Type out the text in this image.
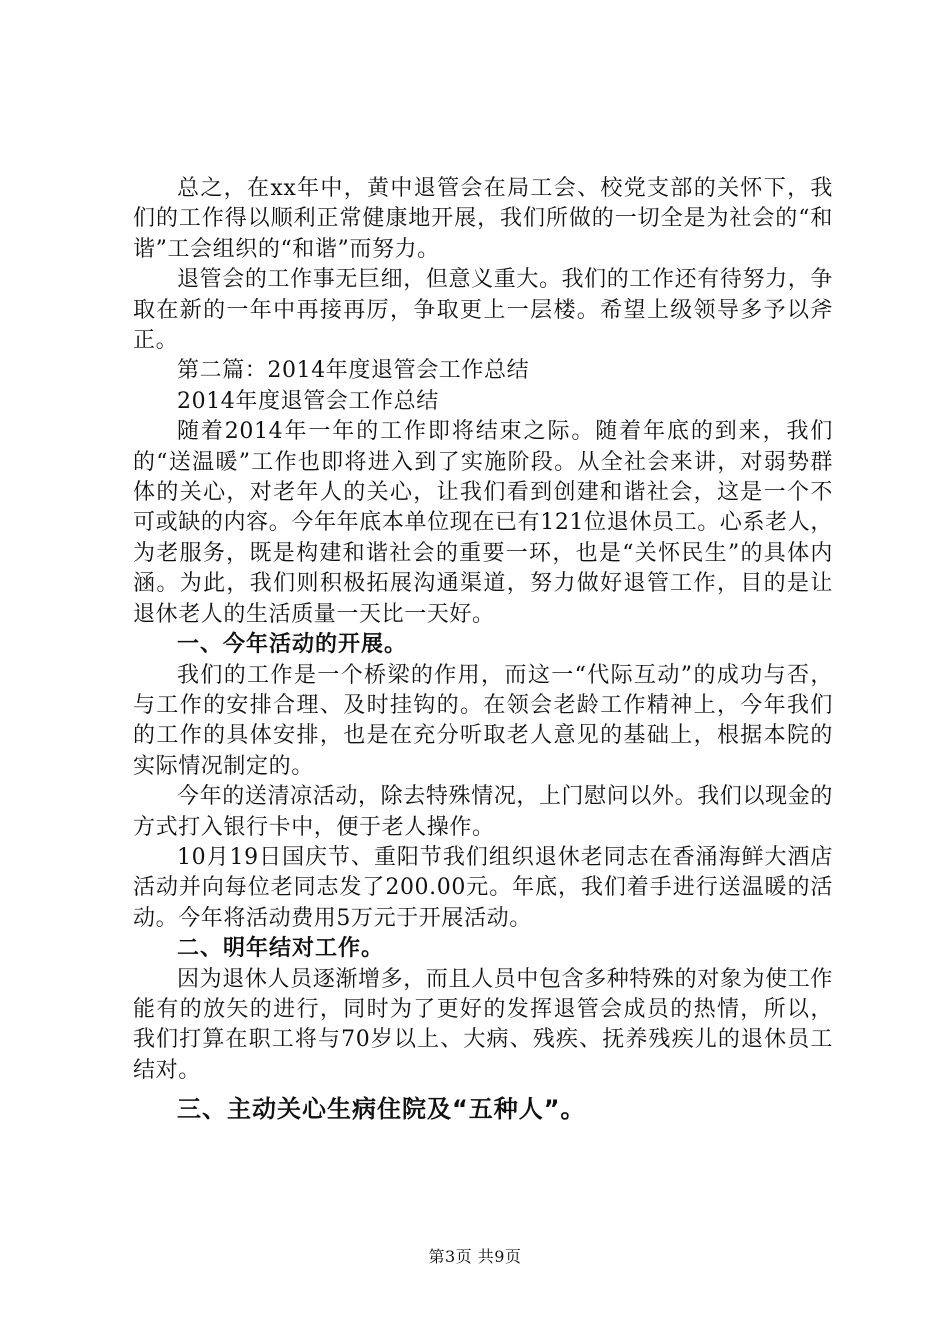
总之，在xx年中，黄中退管会在局工会、校党支部的关怀下，我们的工作得以顺利正常健康地开展，我们所做的一切全是为社会的“和谐”工会组织的“和谐”而努力。

退管会的工作事无巨细，但意义重大。我们的工作还有待努力，争取在新的一年中再接再厉，争取更上一层楼。希望上级领导多予以斧正。

第二篇：2014年度退管会工作总结

2014年度退管会工作总结

随着2014年一年的工作即将结束之际。随着年底的到来，我们的“送温暖”工作也即将进入到了实施阶段。从全社会来讲，对弱势群体的关心，对老年人的关心，让我们看到创建和谐社会，这是一个不可或缺的内容。今年年底本单位现在已有121位退休员工。心系老人，为老服务，既是构建和谐社会的重要一环，也是“关怀民生”的具体内涵。为此，我们则积极拓展沟通渠道，努力做好退管工作，目的是让退休老人的生活质量一天比一天好。

一、今年活动的开展。

我们的工作是一个桥梁的作用，而这一“代际互动”的成功与否，与工作的安排合理、及时挂钩的。在领会老龄工作精神上，今年我们的工作的具体安排，也是在充分听取老人意见的基础上，根据本院的实际情况制定的。

今年的送清凉活动，除去特殊情况，上门慰问以外。我们以现金的方式打入银行卡中，便于老人操作。

10月19日国庆节、重阳节我们组织退休老同志在香涌海鲜大酒店活动并向每位老同志发了200.00元。年底，我们着手进行送温暖的活动。今年将活动费用5万元于开展活动。

二、明年结对工作。

因为退休人员逐渐增多，而且人员中包含多种特殊的对象为使工作能有的放矢的进行，同时为了更好的发挥退管会成员的热情，所以，我们打算在职工将与70岁以上、大病、残疾、抚养残疾儿的退休员工结对。

三、主动关心生病住院及“五种人”。

第3页 共9页
